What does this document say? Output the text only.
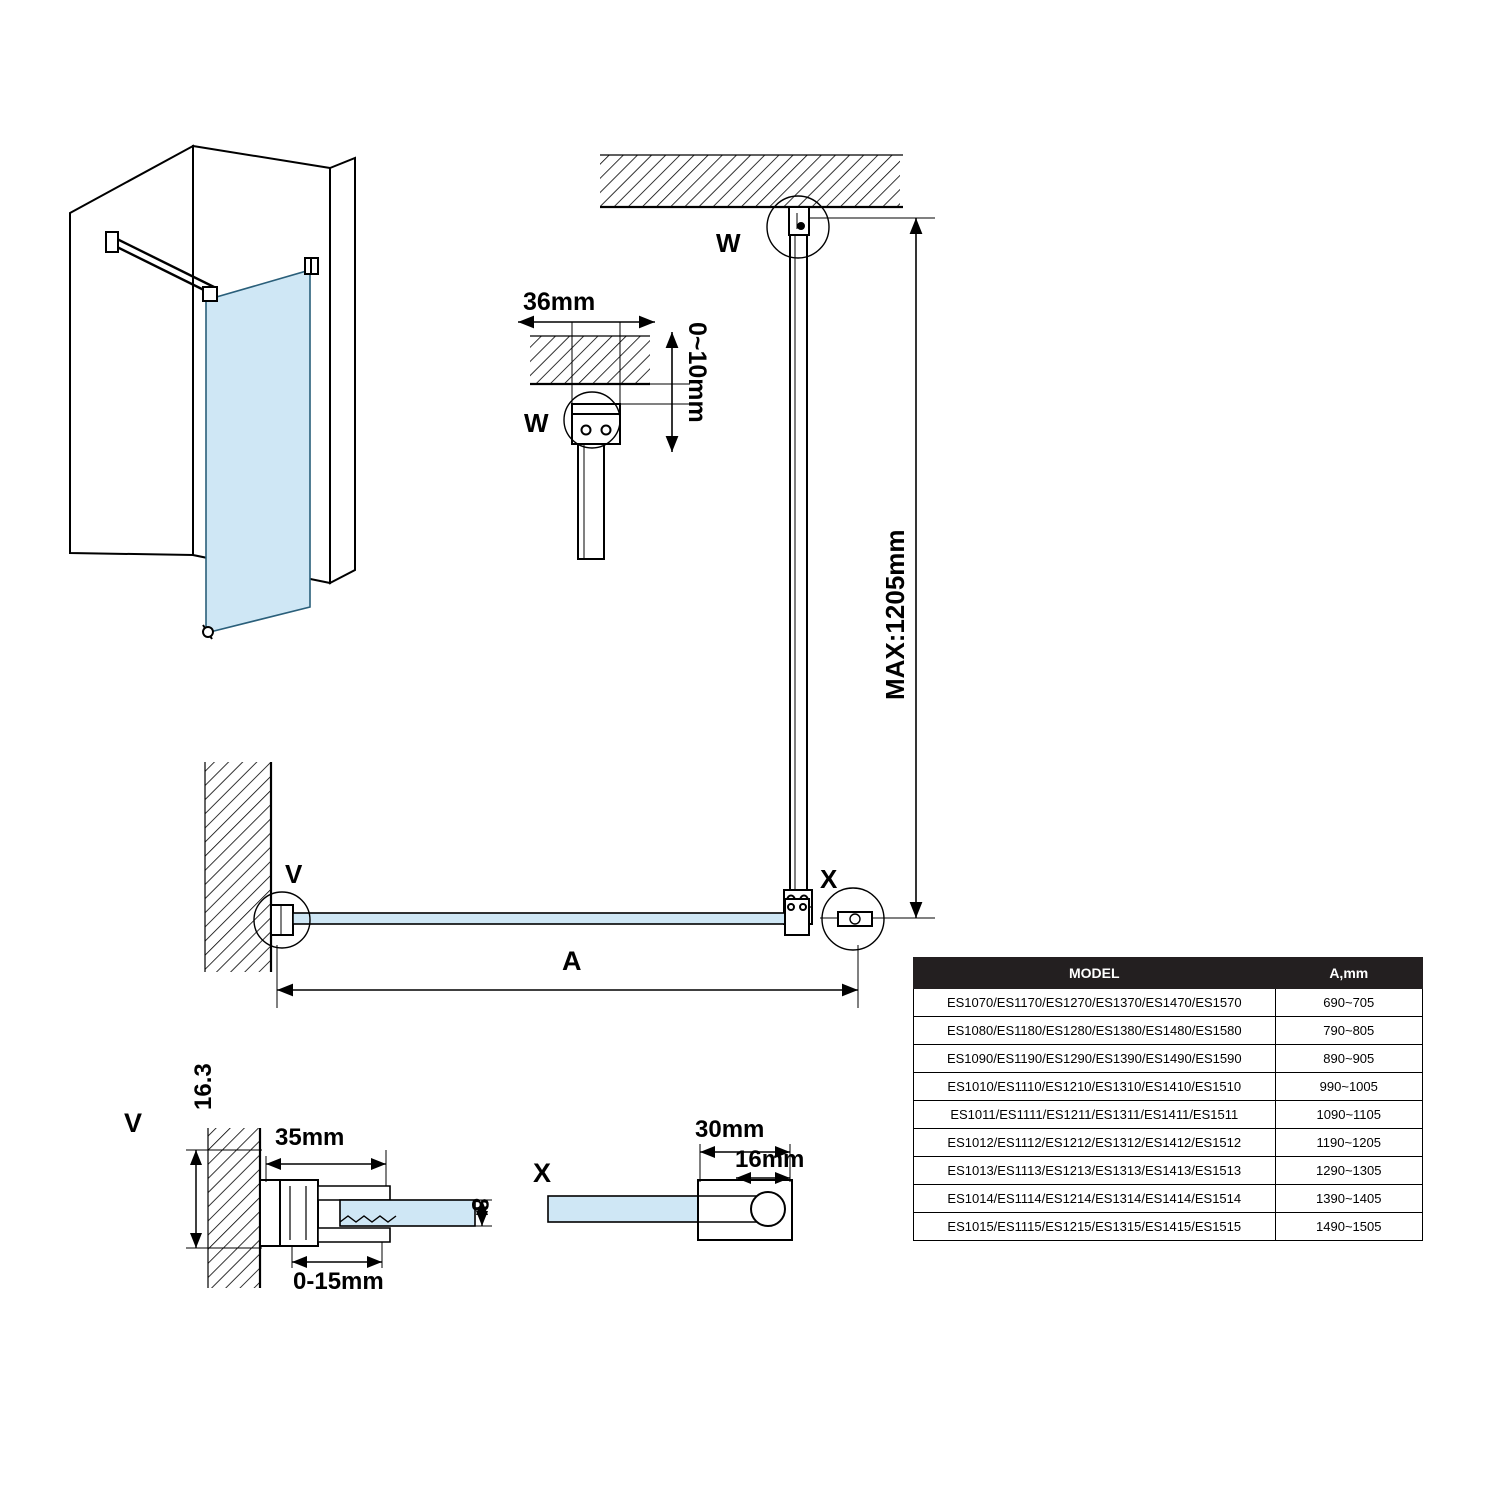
W
W
V	X
V
X
36mm
0~10mm
MAX:1205mm
A
16.3
35mm
0-15mm
8
30mm
16mm
MODEL	A,mm
ES1070/ES1170/ES1270/ES1370/ES1470/ES1570	690~705
ES1080/ES1180/ES1280/ES1380/ES1480/ES1580	790~805
ES1090/ES1190/ES1290/ES1390/ES1490/ES1590	890~905
ES1010/ES1110/ES1210/ES1310/ES1410/ES1510	990~1005
ES1011/ES1111/ES1211/ES1311/ES1411/ES1511	1090~1105
ES1012/ES1112/ES1212/ES1312/ES1412/ES1512	1190~1205
ES1013/ES1113/ES1213/ES1313/ES1413/ES1513	1290~1305
ES1014/ES1114/ES1214/ES1314/ES1414/ES1514	1390~1405
ES1015/ES1115/ES1215/ES1315/ES1415/ES1515	1490~1505
